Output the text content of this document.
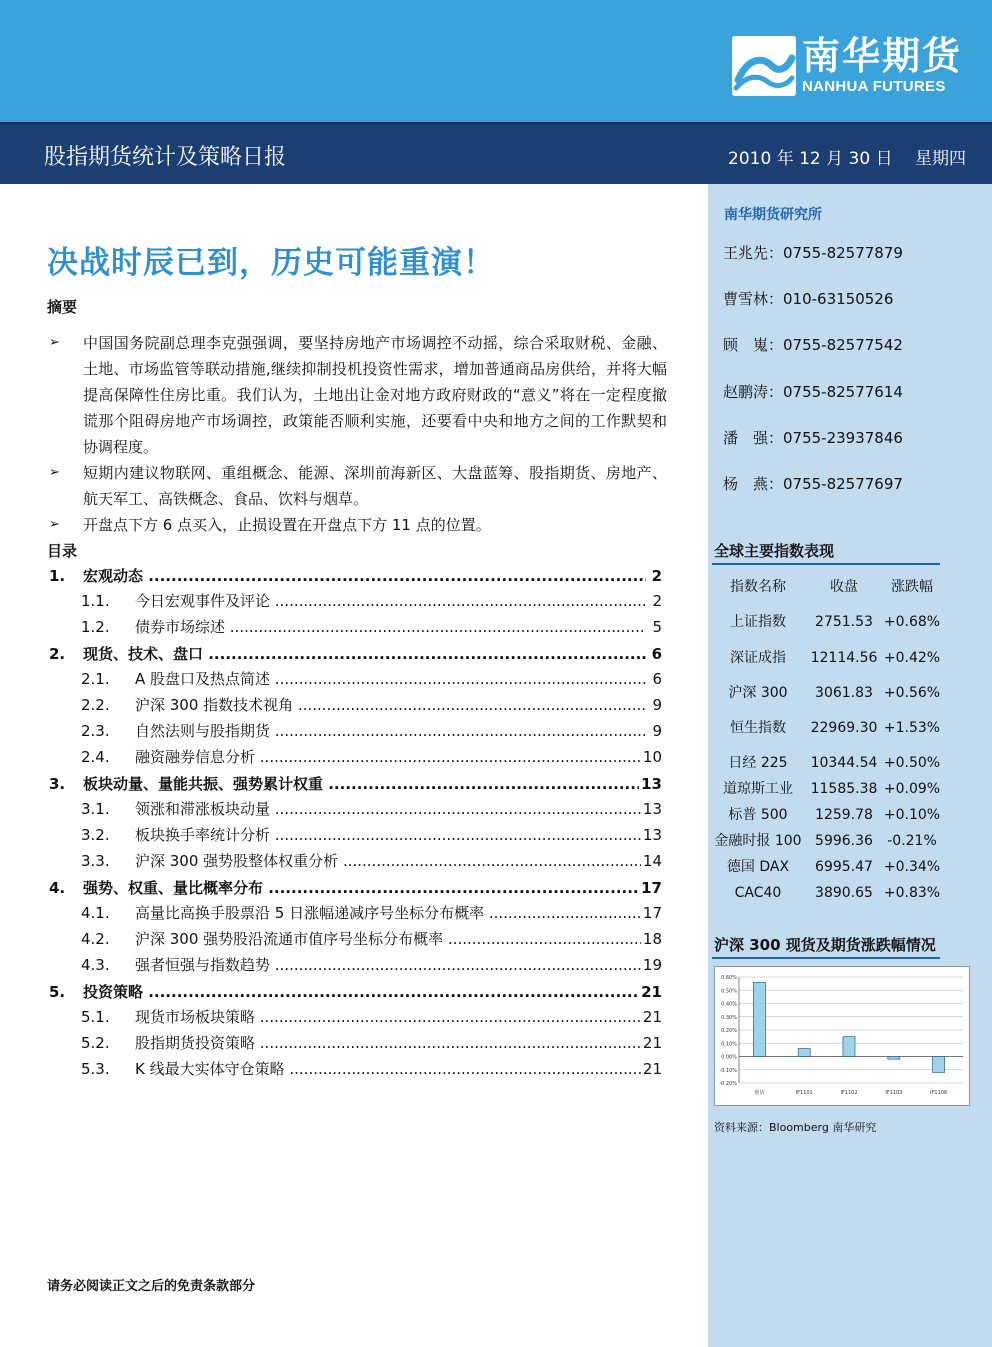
南华期货
NANHUA FUTURES
股指期货统计及策略日报	2010 年 12 月 30 日　 星期四
南华期货研究所
王兆先：0755-82577879
曹雪林：010-63150526
顾　嵬：0755-82577542
赵鹏涛：0755-82577614
潘　强：0755-23937846
杨　燕：0755-82577697
全球主要指数表现
指数名称	收盘	涨跌幅
上证指数	2751.53 +0.68%
深证成指	12114.56 +0.42%
沪深 300	3061.83 +0.56%
恒生指数	22969.30 +1.53%
日经 225	10344.54 +0.50%
道琼斯工业	11585.38 +0.09%
标普 500	1259.78 +0.10%
金融时报 100 5996.36	-0.21%
德国 DAX	6995.47 +0.34%
CAC40	3890.65 +0.83%
沪深 300 现货及期货涨跌幅情况
0.60%
0.50%
0.40%
0.30%
0.20%
0.10%
0.00%
-0.10%
-0.20%
现货	IF1101	IF1102	IF1103	IF1106
资料来源：Bloomberg 南华研究
决战时辰已到，历史可能重演！
摘要
➢ 中国国务院副总理李克强强调，要坚持房地产市场调控不动摇，综合采取财税、金融、土地、市场监管等联动措施,继续抑制投机投资性需求，增加普通商品房供给，并将大幅提高保障性住房比重。我们认为，土地出让金对地方政府财政的“意义”将在一定程度撤谎那个阻碍房地产市场调控，政策能否顺利实施，还要看中央和地方之间的工作默契和协调程度。
➢ 短期内建议物联网、重组概念、能源、深圳前海新区、大盘蓝筹、股指期货、房地产、航天军工、高铁概念、食品、饮料与烟草。
➢ 开盘点下方 6 点买入，止损设置在开盘点下方 11 点的位置。
目录
1. 宏观动态 .....	2
1.1. 今日宏观事件及评论 .....	2
1.2. 债券市场综述 .....	5
2. 现货、技术、盘口 .....	6
2.1. A 股盘口及热点简述 .....	6
2.2. 沪深 300 指数技术视角 .....	9
2.3. 自然法则与股指期货 .....	9
2.4. 融资融券信息分析 .....	10
3. 板块动量、量能共振、强势累计权重 .....	13
3.1. 领涨和滞涨板块动量 .....	13
3.2. 板块换手率统计分析 .....	13
3.3. 沪深 300 强势股整体权重分析 .....	14
4. 强势、权重、量比概率分布 .....	17
4.1. 高量比高换手股票沿 5 日涨幅递减序号坐标分布概率 .....	17
4.2. 沪深 300 强势股沿流通市值序号坐标分布概率 .....	18
4.3. 强者恒强与指数趋势 .....	19
5. 投资策略 .....	21
5.1. 现货市场板块策略 .....	21
5.2. 股指期货投资策略 .....	21
5.3. K 线最大实体守仓策略 .....	21
请务必阅读正文之后的免责条款部分
